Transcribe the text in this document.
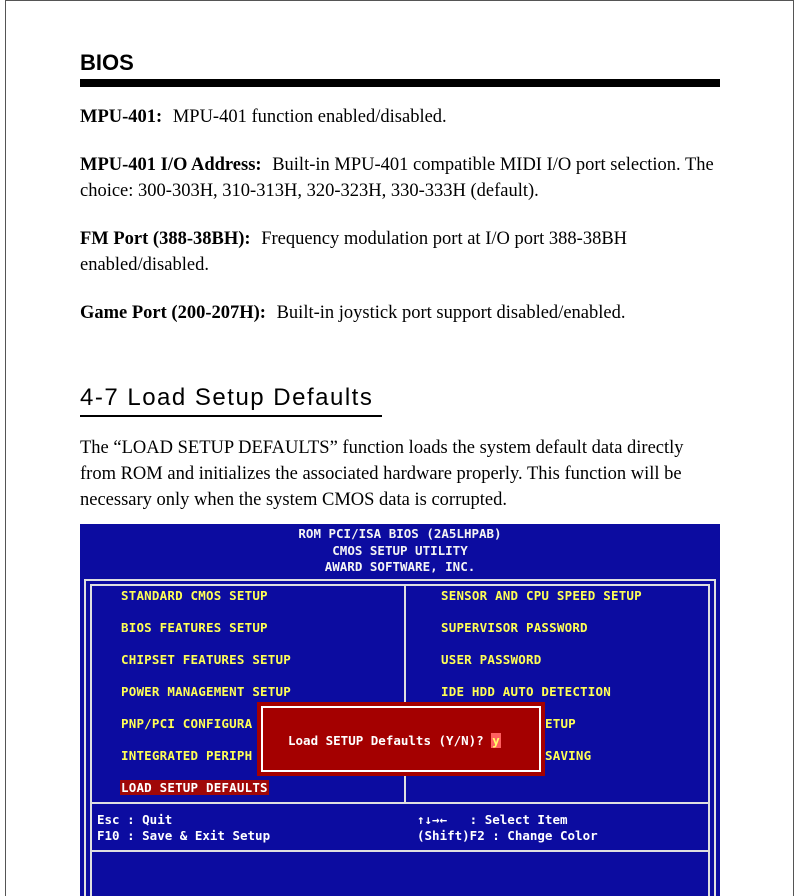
BIOS
MPU-401: MPU-401 function enabled/disabled.
MPU-401 I/O Address: Built-in MPU-401 compatible MIDI I/O port selection. The choice: 300-303H, 310-313H, 320-323H, 330-333H (default).
FM Port (388-38BH): Frequency modulation port at I/O port 388-38BH enabled/disabled.
Game Port (200-207H): Built-in joystick port support disabled/enabled.
4-7 Load Setup Defaults
The “LOAD SETUP DEFAULTS” function loads the system default data directly from ROM and initializes the associated hardware properly. This function will be necessary only when the system CMOS data is corrupted.
ROM PCI/ISA BIOS (2A5LHPAB)
CMOS SETUP UTILITY
AWARD SOFTWARE, INC.
STANDARD CMOS SETUP
BIOS FEATURES SETUP
CHIPSET FEATURES SETUP
POWER MANAGEMENT SETUP
PNP/PCI CONFIGURA
INTEGRATED PERIPH
LOAD SETUP DEFAULTS
SENSOR AND CPU SPEED SETUP
SUPERVISOR PASSWORD
USER PASSWORD
IDE HDD AUTO DETECTION
ETUP
SAVING
Esc : Quit
F10 : Save & Exit Setup
↑↓→←   : Select Item
(Shift)F2 : Change Color
Load SETUP Defaults (Y/N)? y
